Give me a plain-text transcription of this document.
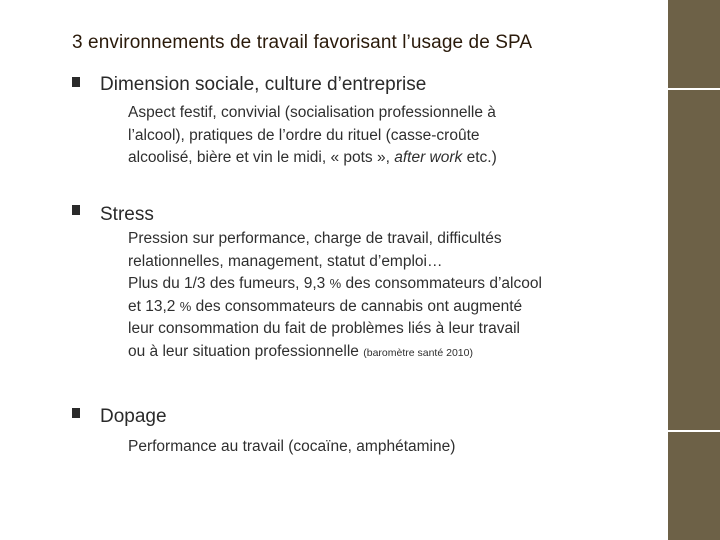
3 environnements de travail favorisant l’usage de SPA
Dimension sociale, culture d’entreprise
Aspect festif, convivial (socialisation professionnelle à
l’alcool), pratiques de l’ordre du rituel (casse-croûte
alcoolisé, bière et vin le midi, « pots », after work etc.)
Stress
Pression sur performance, charge de travail, difficultés
relationnelles, management, statut d’emploi…
Plus du 1/3 des fumeurs, 9,3 % des consommateurs d’alcool
et 13,2 % des consommateurs de cannabis ont augmenté
leur consommation du fait de problèmes liés à leur travail
ou à leur situation professionnelle (baromètre santé 2010)
Dopage
Performance au travail (cocaïne, amphétamine)
